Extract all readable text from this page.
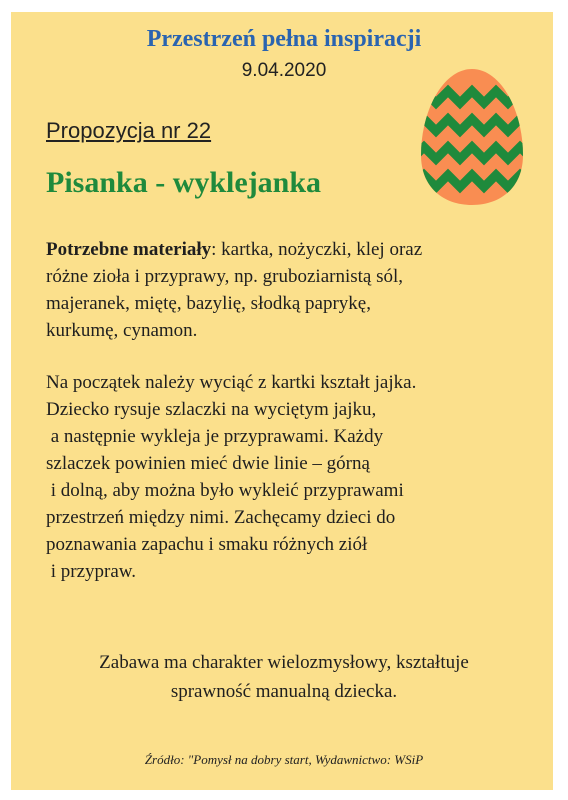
Przestrzeń pełna inspiracji
9.04.2020
Propozycja nr 22
Pisanka - wyklejanka
Potrzebne materiały: kartka, nożyczki, klej oraz
różne zioła i przyprawy, np. gruboziarnistą sól,
majeranek, miętę, bazylię, słodką paprykę,
kurkumę, cynamon.
Na początek należy wyciąć z kartki kształt jajka.
Dziecko rysuje szlaczki na wyciętym jajku,
a następnie wykleja je przyprawami. Każdy
szlaczek powinien mieć dwie linie – górną
i dolną, aby można było wykleić przyprawami
przestrzeń między nimi. Zachęcamy dzieci do
poznawania zapachu i smaku różnych ziół
i przypraw.
Zabawa ma charakter wielozmysłowy, kształtuje
sprawność manualną dziecka.
Źródło: "Pomysł na dobry start, Wydawnictwo: WSiP
